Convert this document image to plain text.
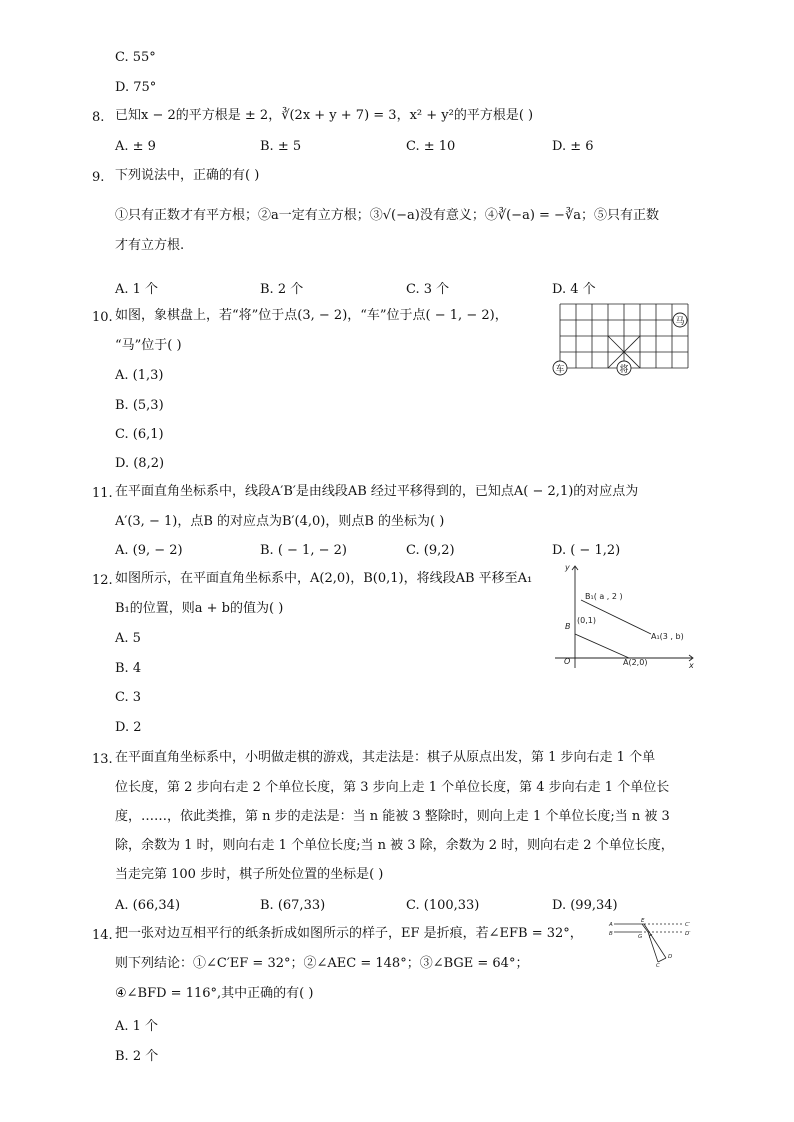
C. 55°
D. 75°
8. 已知x − 2的平方根是 ± 2，∛(2x + y + 7) = 3，x² + y²的平方根是( )
A. ± 9	B. ± 5	C. ± 10	D. ± 6
9. 下列说法中，正确的有( )
①只有正数才有平方根；②a一定有立方根；③√(−a)没有意义；④∛(−a) = −∛a；⑤只有正数
才有立方根.
A. 1 个	B. 2 个	C. 3 个	D. 4 个
10. 如图，象棋盘上，若“将”位于点(3, − 2)，“车”位于点( − 1, − 2)，
“马”位于( )
A. (1,3)
B. (5,3)
C. (6,1)
D. (8,2)
马
车	将
11. 在平面直角坐标系中，线段A′B′是由线段AB 经过平移得到的，已知点A( − 2,1)的对应点为
A′(3, − 1)，点B 的对应点为B′(4,0)，则点B 的坐标为( )
A. (9, − 2)	B. ( − 1, − 2)	C. (9,2)	D. ( − 1,2)
12. 如图所示，在平面直角坐标系中，A(2,0)，B(0,1)，将线段AB 平移至A₁
B₁的位置，则a + b的值为( )
A. 5
B. 4
C. 3
D. 2
y
x
O
B
(0,1)
A(2,0)
B₁( a , 2 )
A₁(3 , b)
13. 在平面直角坐标系中，小明做走棋的游戏，其走法是：棋子从原点出发，第 1 步向右走 1 个单
位长度，第 2 步向右走 2 个单位长度，第 3 步向上走 1 个单位长度，第 4 步向右走 1 个单位长
度，……，依此类推，第 n 步的走法是：当 n 能被 3 整除时，则向上走 1 个单位长度;当 n 被 3
除，余数为 1 时，则向右走 1 个单位长度;当 n 被 3 除，余数为 2 时，则向右走 2 个单位长度，
当走完第 100 步时，棋子所处位置的坐标是( )
A. (66,34)	B. (67,33)	C. (100,33)	D. (99,34)
14. 把一张对边互相平行的纸条折成如图所示的样子，EF 是折痕，若∠EFB = 32°，
则下列结论：①∠C′EF = 32°；②∠AEC = 148°；③∠BGE = 64°；
④∠BFD = 116°,其中正确的有( )
A. 1 个
B. 2 个
A
B
E
G F
C′
D′
C
D
